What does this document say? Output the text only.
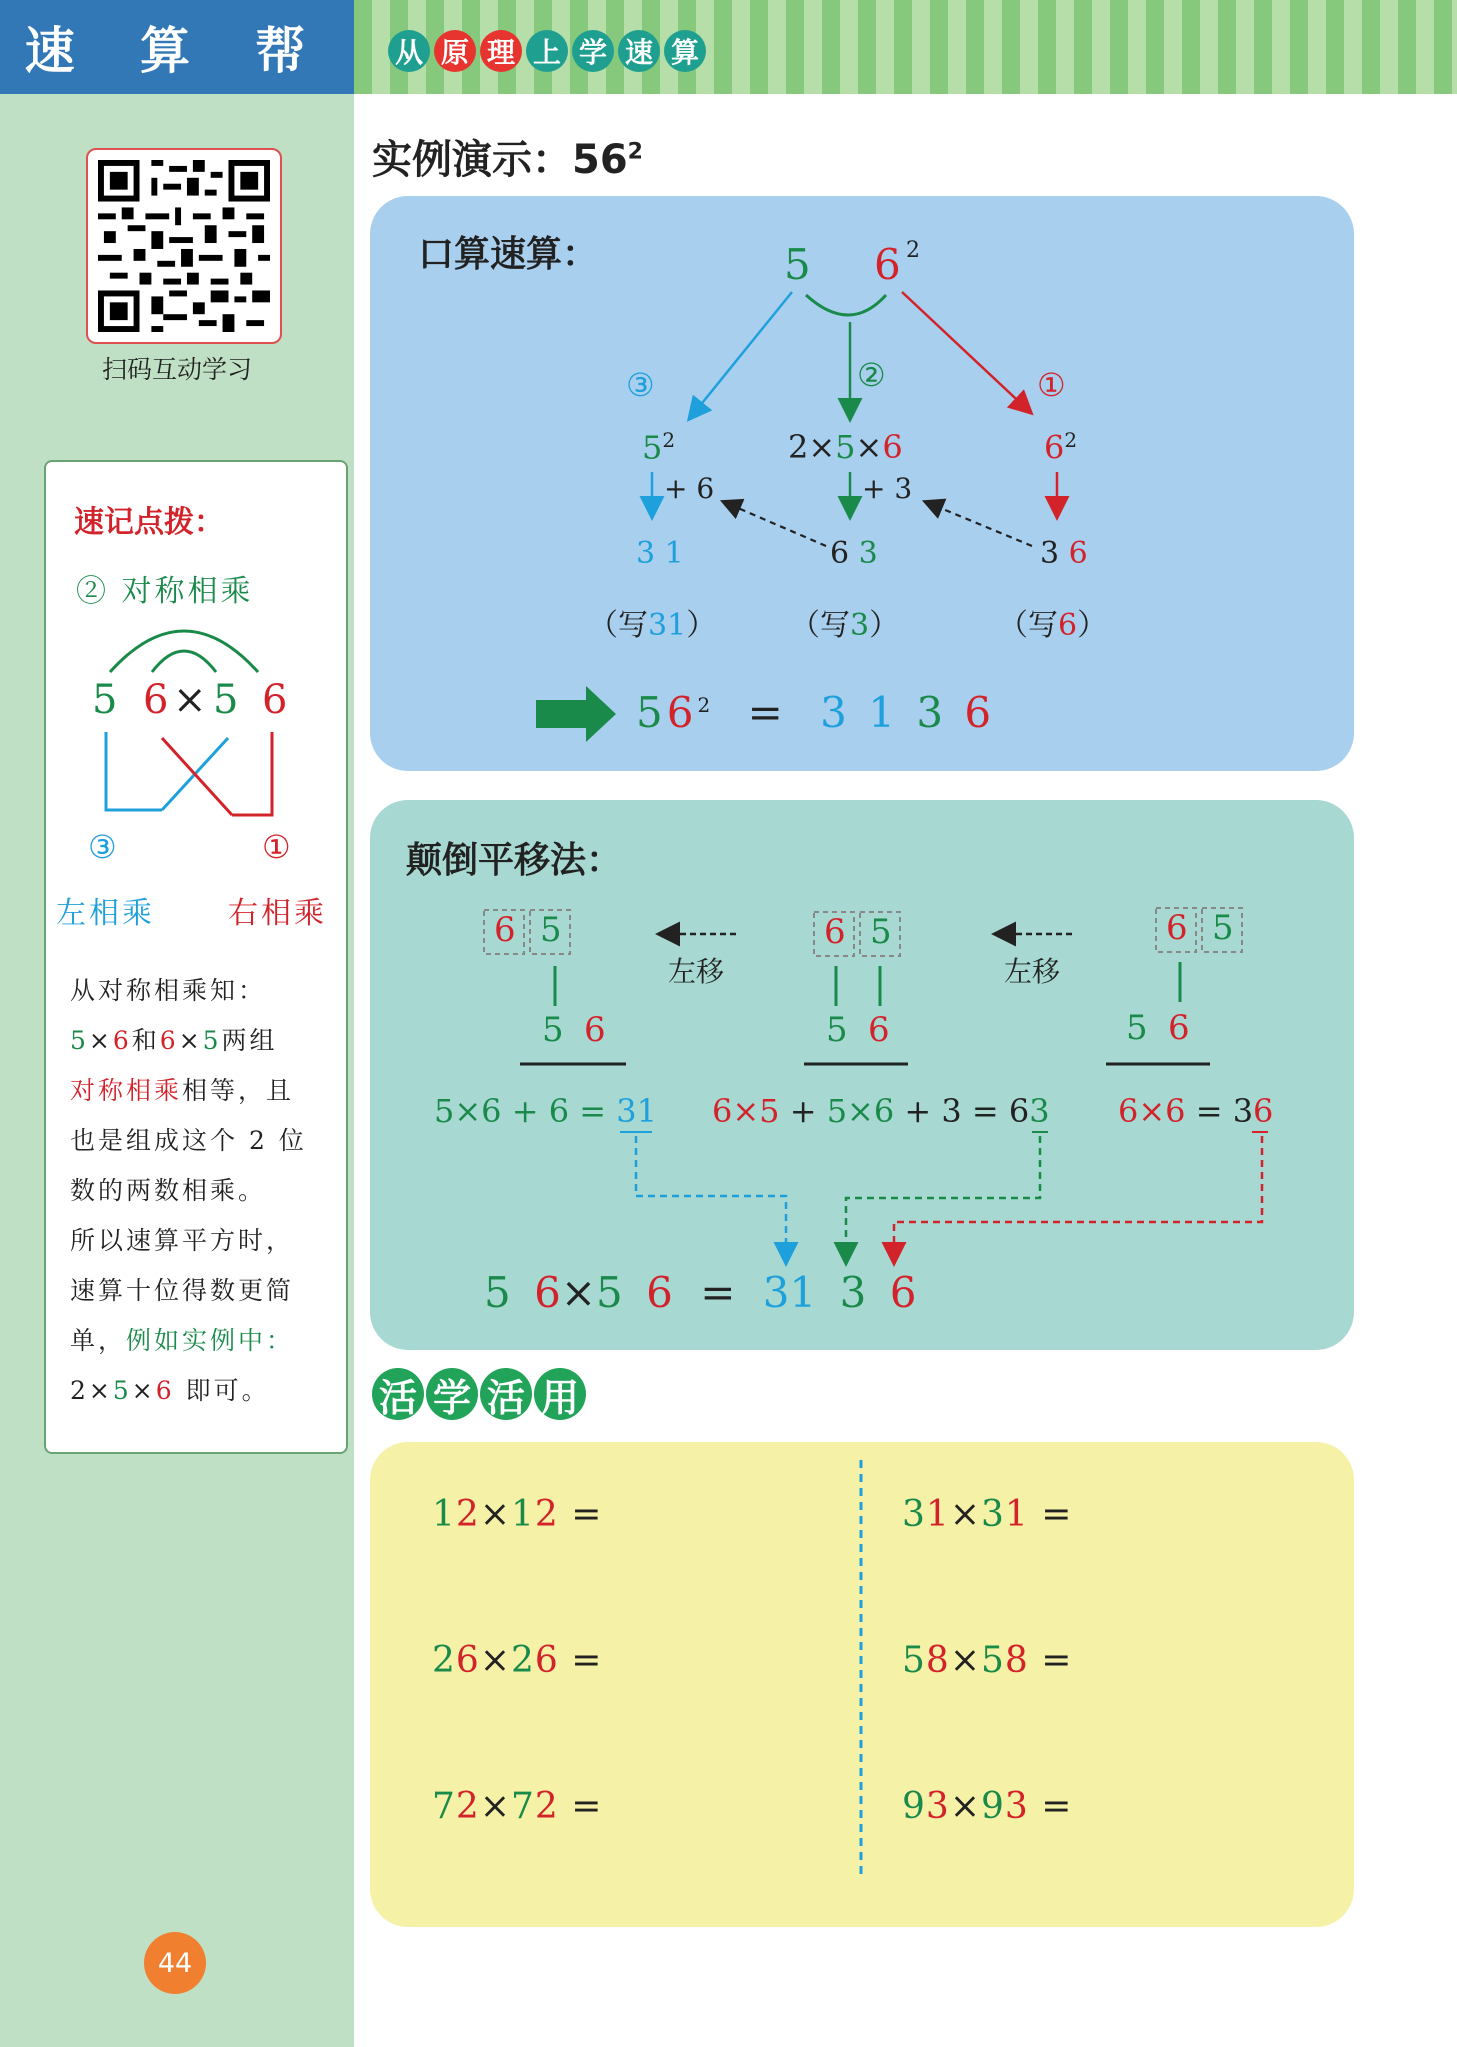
速 算 帮	从 原 理 上 学 速 算
扫码互动学习
速记点拨：
② 对称相乘
5 6 × 5 6
③	①
左相乘 右相乘
从对称相乘知：
5×6和6×5两组
对称相乘相等，且
也是组成这个 2 位
数的两数相乘。
所以速算平方时，
速算十位得数更简
单，例如实例中：
2×5×6 即可。
44
实例演示：$56^2$
口算速算：	5 6 2
③	②	①
$5^2$	2×5×6	$6^2$
+ 6	+ 3
3 1	6 3	3 6
（写31） （写3）	（写6）
$56^2 = 3$ 1 3 6
颠倒平移法：
6 5	6 5	6 5
左移	左移
5 6	5 6	5 6
5×6 + 6 = 31 6×5 + 5×6 + 3 = 63 6×6 = 36
5 6×5 6 = 31 3 6
活 学 活 用
12×12 =	31×31 =
26×26 =	58×58 =
72×72 =	93×93 =
